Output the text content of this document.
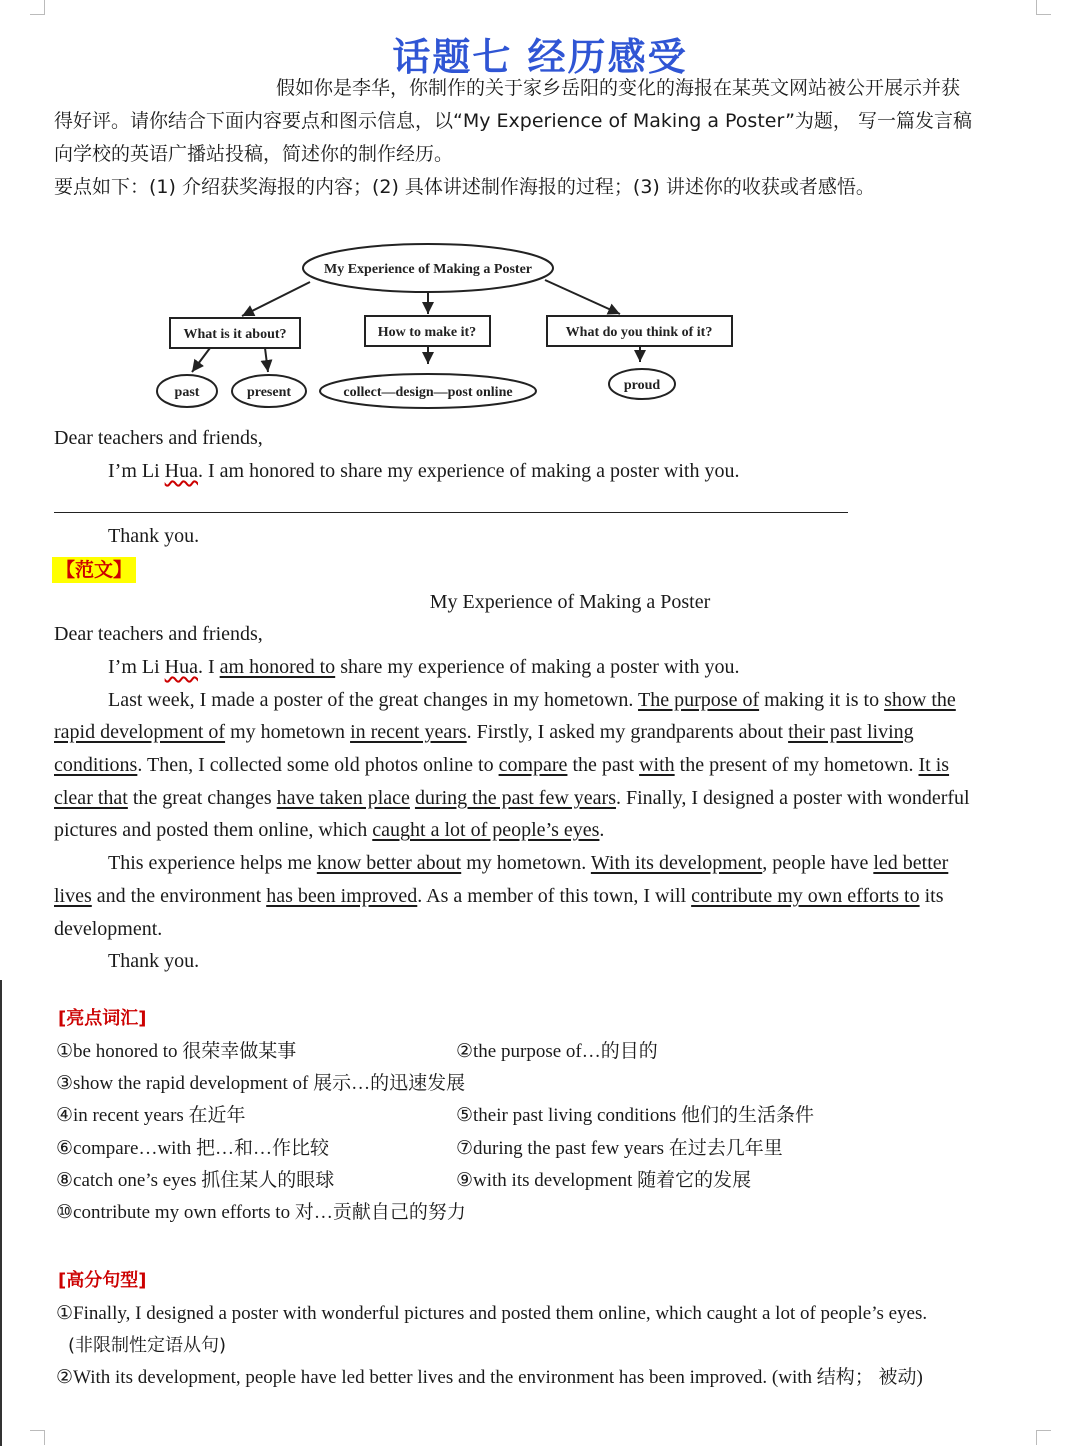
话题七 经历感受
假如你是李华，你制作的关于家乡岳阳的变化的海报在某英文网站被公开展示并获
得好评。请你结合下面内容要点和图示信息，以“My Experience of Making a Poster”为题， 写一篇发言稿
向学校的英语广播站投稿，简述你的制作经历。
要点如下：(1) 介绍获奖海报的内容；(2) 具体讲述制作海报的过程；(3) 讲述你的收获或者感悟。
My Experience of Making a Poster
What is it about?	How to make it?	What do you think of it?
past	present	collect—design—post online	proud
Dear teachers and friends,
I’m Li Hua. I am honored to share my experience of making a poster with you.
Thank you.
【范文】
My Experience of Making a Poster
Dear teachers and friends,
I’m Li Hua. I am honored to share my experience of making a poster with you.
Last week, I made a poster of the great changes in my hometown. The purpose of making it is to show the
rapid development of my hometown in recent years. Firstly, I asked my grandparents about their past living
conditions. Then, I collected some old photos online to compare the past with the present of my hometown. It is
clear that the great changes have taken place during the past few years. Finally, I designed a poster with wonderful
pictures and posted them online, which caught a lot of people’s eyes.
This experience helps me know better about my hometown. With its development, people have led better
lives and the environment has been improved. As a member of this town, I will contribute my own efforts to its
development.
Thank you.
[亮点词汇]
①be honored to 很荣幸做某事	②the purpose of…的目的
③show the rapid development of 展示…的迅速发展
④in recent years 在近年	⑤their past living conditions 他们的生活条件
⑥compare…with 把…和…作比较	⑦during the past few years 在过去几年里
⑧catch one’s eyes 抓住某人的眼球	⑨with its development 随着它的发展
⑩contribute my own efforts to 对…贡献自己的努力
[高分句型]
①Finally, I designed a poster with wonderful pictures and posted them online, which caught a lot of people’s eyes.
(非限制性定语从句)
②With its development, people have led better lives and the environment has been improved. (with 结构； 被动)
